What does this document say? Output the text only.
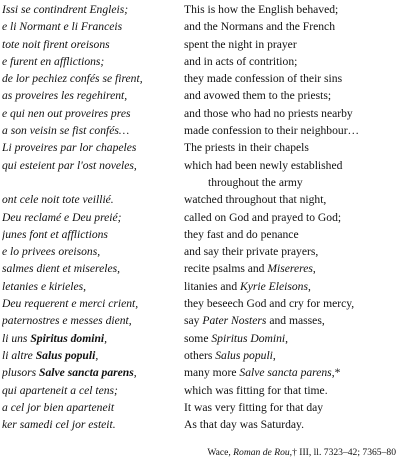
Issi se contindrent Engleis;
e li Normant e li Franceis
tote noit firent oreisons
e furent en afflictions;
de lor pechiez confés se firent,
as proveires les regehirent,
e qui nen out proveires pres
a son veisin se fist confés…
Li proveires par lor chapeles
qui esteient par l'ost noveles,
ont cele noit tote veillié.
Deu reclamé e Deu preié;
junes font et afflictions
e lo privees oreisons,
salmes dient et misereles,
letanies e kirieles,
Deu requerent e merci crient,
paternostres e messes dient,
li uns Spiritus domini,
li altre Salus populi,
plusors Salve sancta parens,
qui aparteneit a cel tens;
a cel jor bien aparteneit
ker samedi cel jor esteit.
This is how the English behaved;
and the Normans and the French
spent the night in prayer
and in acts of contrition;
they made confession of their sins
and avowed them to the priests;
and those who had no priests nearby
made confession to their neighbour…
The priests in their chapels
which had been newly established
throughout the army
watched throughout that night,
called on God and prayed to God;
they fast and do penance
and say their private prayers,
recite psalms and Misereres,
litanies and Kyrie Eleisons,
they beseech God and cry for mercy,
say Pater Nosters and masses,
some Spiritus Domini,
others Salus populi,
many more Salve sancta parens,*
which was fitting for that time.
It was very fitting for that day
As that day was Saturday.
Wace, Roman de Rou,† III, ll. 7323–42; 7365–80
